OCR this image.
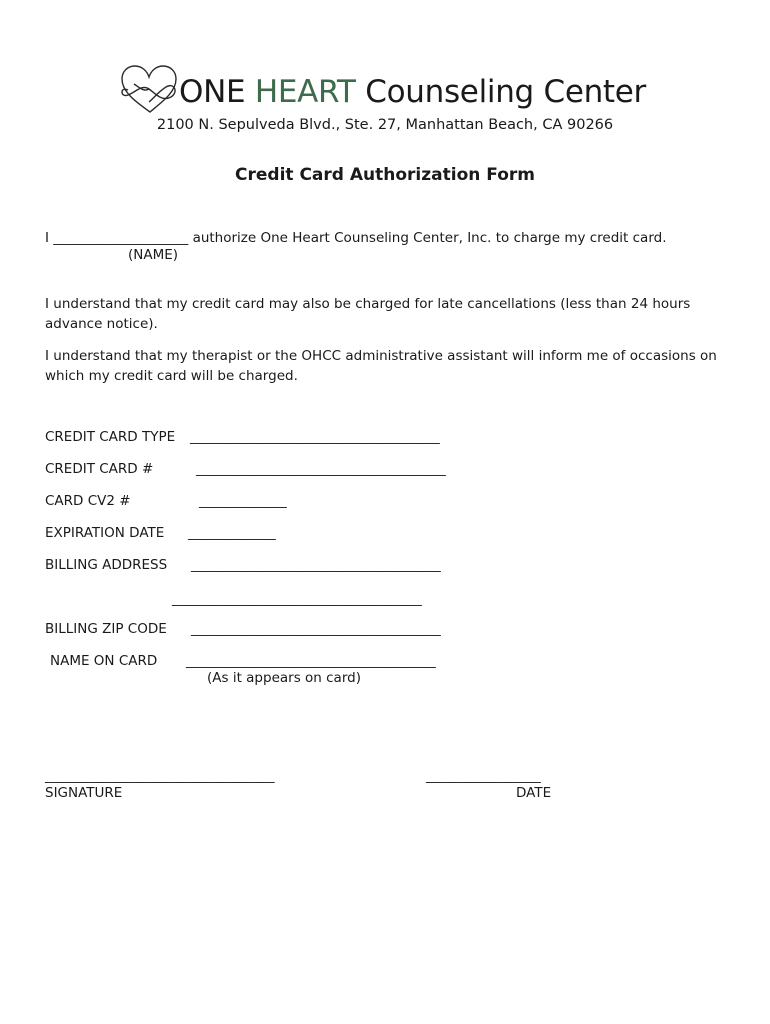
ONE HEART Counseling Center
2100 N. Sepulveda Blvd., Ste. 27, Manhattan Beach, CA 90266
Credit Card Authorization Form
I ____________________ authorize One Heart Counseling Center, Inc. to charge my credit card.
(NAME)
I understand that my credit card may also be charged for late cancellations (less than 24 hours advance notice).
I understand that my therapist or the OHCC administrative assistant will inform me of occasions on which my credit card will be charged.
CREDIT CARD TYPE _____________________________________
CREDIT CARD #	_____________________________________
CARD CV2 #	_____________
EXPIRATION DATE _____________
BILLING ADDRESS _____________________________________
_____________________________________
BILLING ZIP CODE _____________________________________
NAME ON CARD _____________________________________
(As it appears on card)
__________________________________
SIGNATURE
_________________
DATE
